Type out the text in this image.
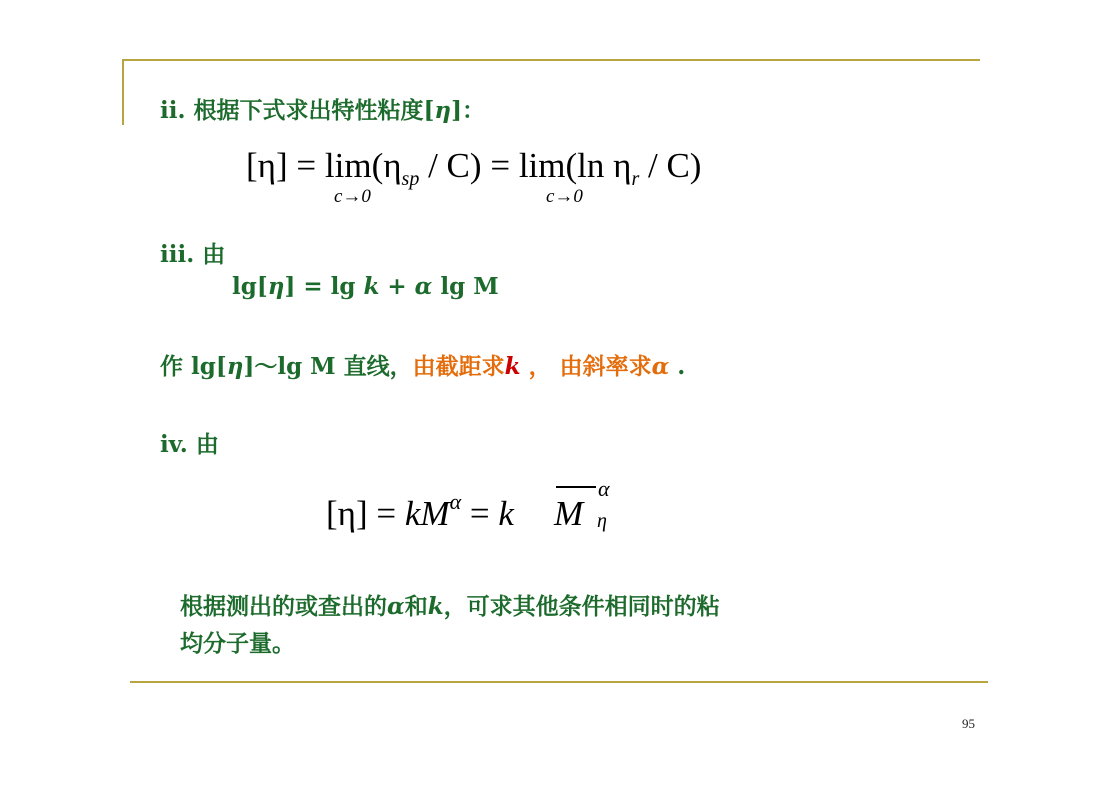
ii. 根据下式求出特性粘度[η]：
$[\eta] = \lim(\eta_{sp} / C) = \lim(\ln$ $\eta_r / C$)
c→0	c→0
iii. 由
lg[η] = lg k + α lg M
作 lg[η]～lg M 直线，由截距求k ， 由斜率求α .
iv. 由
$[\eta] = kM^\alpha = k$ M
α
η
根据测出的或查出的α和k，可求其他条件相同时的粘
均分子量。
95
